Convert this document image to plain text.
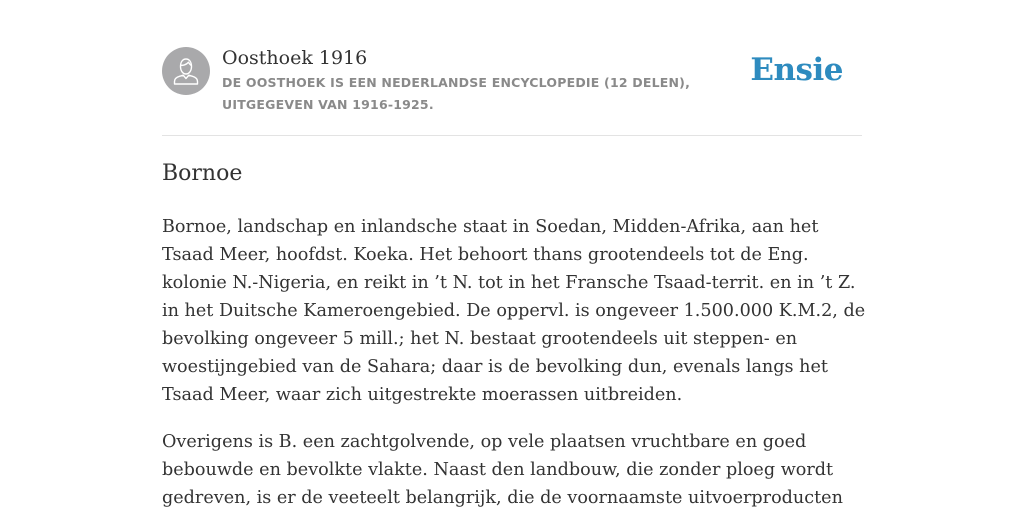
Oosthoek 1916
DE OOSTHOEK IS EEN NEDERLANDSE ENCYCLOPEDIE (12 DELEN), UITGEGEVEN VAN 1916-1925.
Ensie
Bornoe

Bornoe, landschap en inlandsche staat in Soedan, Midden-Afrika, aan het Tsaad Meer, hoofdst. Koeka. Het behoort thans grootendeels tot de Eng. kolonie N.-Nigeria, en reikt in ’t N. tot in het Fransche Tsaad-territ. en in ’t Z. in het Duitsche Kameroengebied. De oppervl. is ongeveer 1.500.000 K.M.2, de bevolking ongeveer 5 mill.; het N. bestaat grootendeels uit steppen- en woestijngebied van de Sahara; daar is de bevolking dun, evenals langs het Tsaad Meer, waar zich uitgestrekte moerassen uitbreiden.

Overigens is B. een zachtgolvende, op vele plaatsen vruchtbare en goed bebouwde en bevolkte vlakte. Naast den landbouw, die zonder ploeg wordt gedreven, is er de veeteelt belangrijk, die de voornaamste uitvoerproducten
